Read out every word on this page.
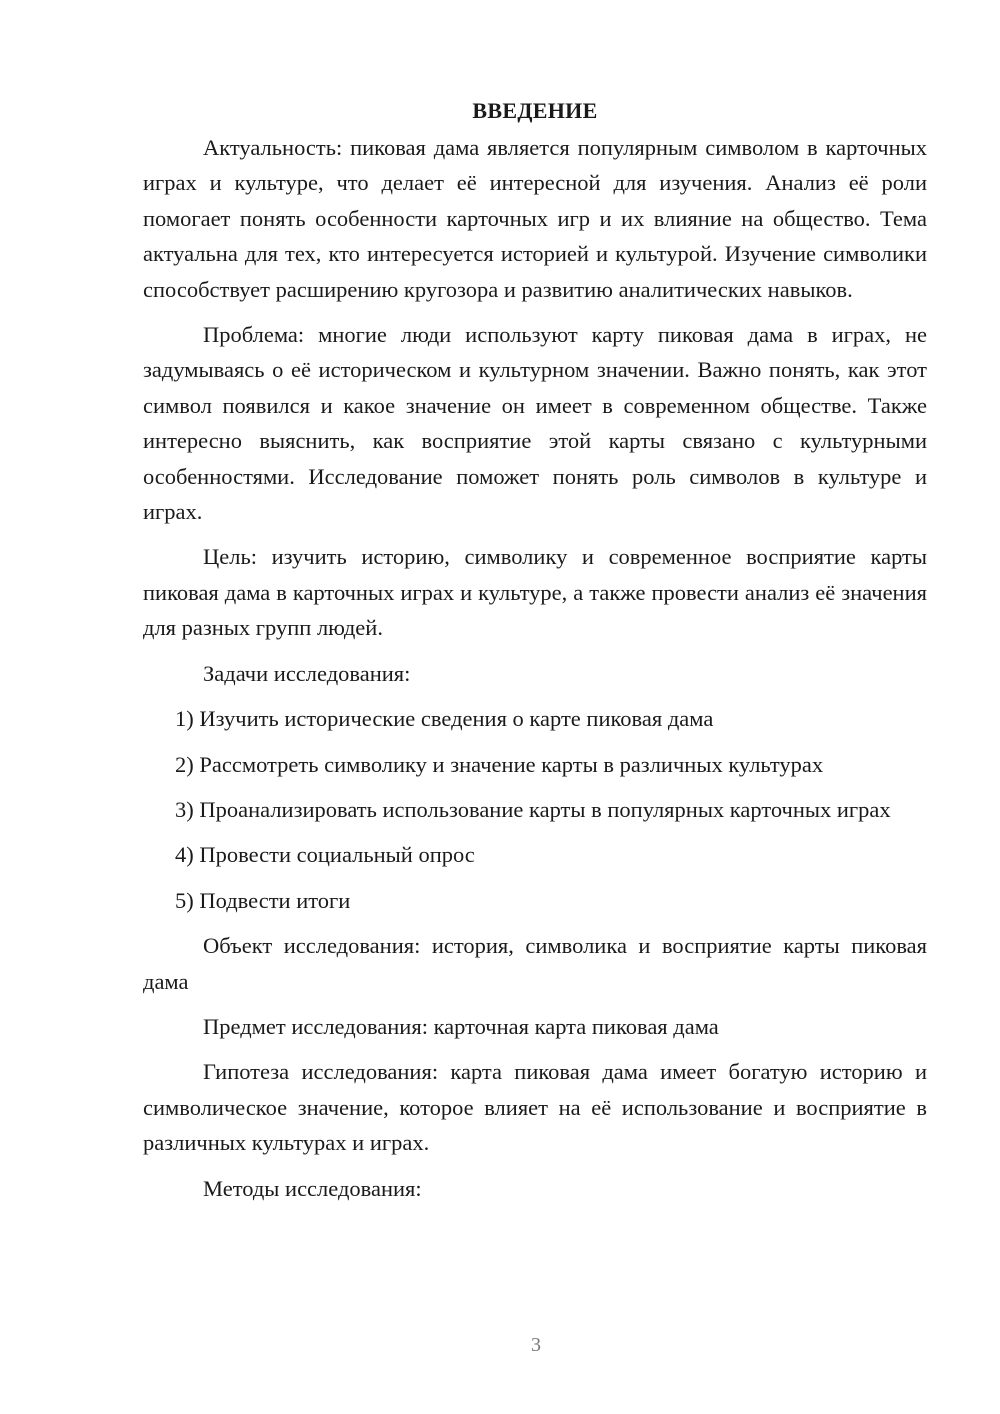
ВВЕДЕНИЕ

Актуальность: пиковая дама является популярным символом в карточных играх и культуре, что делает её интересной для изучения. Анализ её роли помогает понять особенности карточных игр и их влияние на общество. Тема актуальна для тех, кто интересуется историей и культурой. Изучение символики способствует расширению кругозора и развитию аналитических навыков.

Проблема: многие люди используют карту пиковая дама в играх, не задумываясь о её историческом и культурном значении. Важно понять, как этот символ появился и какое значение он имеет в современном обществе. Также интересно выяснить, как восприятие этой карты связано с культурными особенностями. Исследование поможет понять роль символов в культуре и играх.

Цель: изучить историю, символику и современное восприятие карты пиковая дама в карточных играх и культуре, а также провести анализ её значения для разных групп людей.

Задачи исследования:

1) Изучить исторические сведения о карте пиковая дама

2) Рассмотреть символику и значение карты в различных культурах

3) Проанализировать использование карты в популярных карточных играх

4) Провести социальный опрос

5) Подвести итоги

Объект исследования: история, символика и восприятие карты пиковая дама

Предмет исследования: карточная карта пиковая дама

Гипотеза исследования: карта пиковая дама имеет богатую историю и символическое значение, которое влияет на её использование и восприятие в различных культурах и играх.

Методы исследования:

3
